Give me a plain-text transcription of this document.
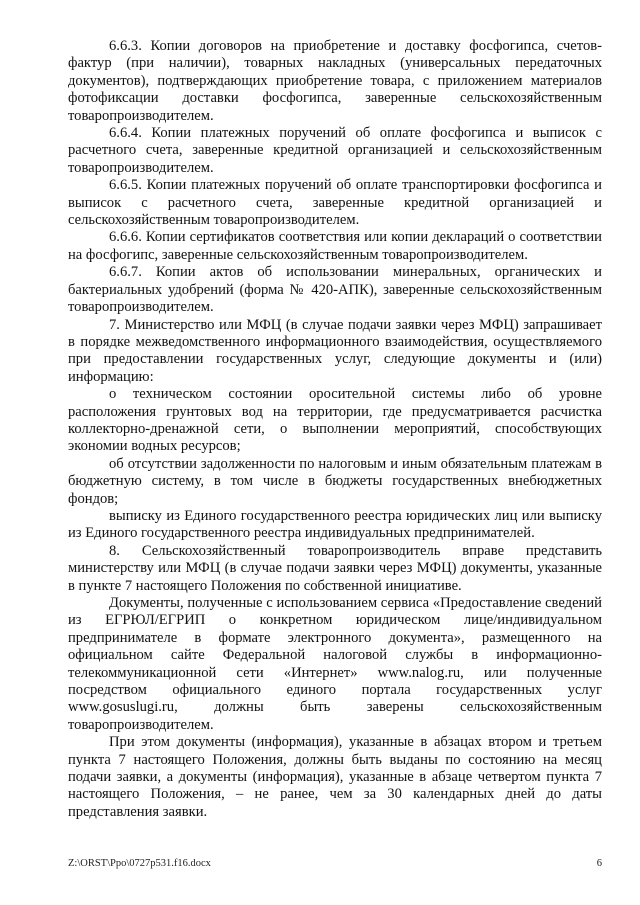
6.6.3. Копии договоров на приобретение и доставку фосфогипса, счетов-фактур (при наличии), товарных накладных (универсальных передаточных документов), подтверждающих приобретение товара, с приложением материалов фотофиксации доставки фосфогипса, заверенные сельскохозяйственным товаропроизводителем.

6.6.4. Копии платежных поручений об оплате фосфогипса и выписок с расчетного счета, заверенные кредитной организацией и сельскохозяйственным товаропроизводителем.

6.6.5. Копии платежных поручений об оплате транспортировки фосфогипса и выписок с расчетного счета, заверенные кредитной организацией и сельскохозяйственным товаропроизводителем.

6.6.6. Копии сертификатов соответствия или копии деклараций о соответствии на фосфогипс, заверенные сельскохозяйственным товаропроизводителем.

6.6.7. Копии актов об использовании минеральных, органических и бактериальных удобрений (форма № 420-АПК), заверенные сельскохозяйственным товаропроизводителем.

7. Министерство или МФЦ (в случае подачи заявки через МФЦ) запрашивает в порядке межведомственного информационного взаимодействия, осуществляемого при предоставлении государственных услуг, следующие документы и (или) информацию:

о техническом состоянии оросительной системы либо об уровне расположения грунтовых вод на территории, где предусматривается расчистка коллекторно-дренажной сети, о выполнении мероприятий, способствующих экономии водных ресурсов;

об отсутствии задолженности по налоговым и иным обязательным платежам в бюджетную систему, в том числе в бюджеты государственных внебюджетных фондов;

выписку из Единого государственного реестра юридических лиц или выписку из Единого государственного реестра индивидуальных предпринимателей.

8. Сельскохозяйственный товаропроизводитель вправе представить министерству или МФЦ (в случае подачи заявки через МФЦ) документы, указанные в пункте 7 настоящего Положения по собственной инициативе.

Документы, полученные с использованием сервиса «Предоставление сведений из ЕГРЮЛ/ЕГРИП о конкретном юридическом лице/индивидуальном предпринимателе в формате электронного документа», размещенного на официальном сайте Федеральной налоговой службы в информационно-телекоммуникационной сети «Интернет» www.nalog.ru, или полученные посредством официального единого портала государственных услуг www.gosuslugi.ru, должны быть заверены сельскохозяйственным товаропроизводителем.

При этом документы (информация), указанные в абзацах втором и третьем пункта 7 настоящего Положения, должны быть выданы по состоянию на месяц подачи заявки, а документы (информация), указанные в абзаце четвертом пункта 7 настоящего Положения, – не ранее, чем за 30 календарных дней до даты представления заявки.

Z:\ORST\Ppo\0727p531.f16.docx	6
